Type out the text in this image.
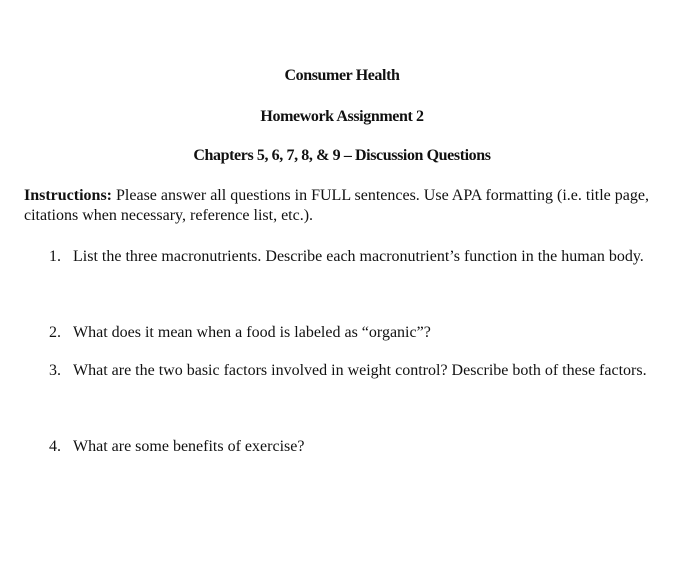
Consumer Health
Homework Assignment 2
Chapters 5, 6, 7, 8, & 9 – Discussion Questions
Instructions: Please answer all questions in FULL sentences. Use APA formatting (i.e. title page, citations when necessary, reference list, etc.).
1. List the three macronutrients. Describe each macronutrient’s function in the human body.
2. What does it mean when a food is labeled as “organic”?
3. What are the two basic factors involved in weight control? Describe both of these factors.
4. What are some benefits of exercise?
